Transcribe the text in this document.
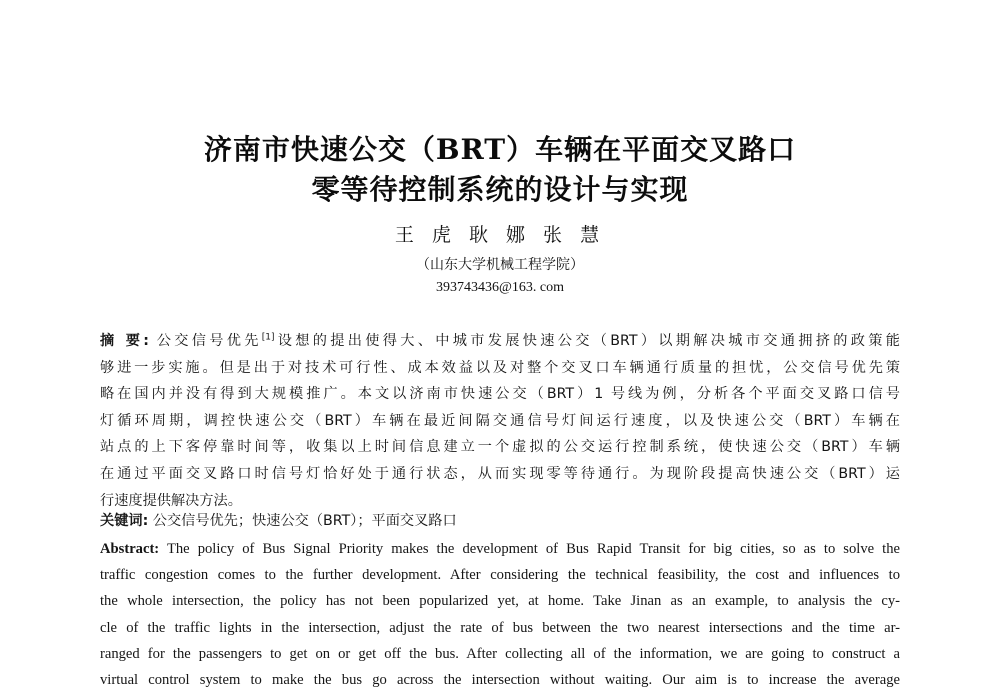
济南市快速公交（BRT）车辆在平面交叉路口
零等待控制系统的设计与实现
王 虎 耿 娜 张 慧
（山东大学机械工程学院）
393743436@163. com
摘 要: 公交信号优先[1]设想的提出使得大、中城市发展快速公交（BRT）以期解决城市交通拥挤的政策能
够进一步实施。但是出于对技术可行性、成本效益以及对整个交叉口车辆通行质量的担忧，公交信号优先策
略在国内并没有得到大规模推广。本文以济南市快速公交（BRT）1 号线为例，分析各个平面交叉路口信号
灯循环周期，调控快速公交（BRT）车辆在最近间隔交通信号灯间运行速度，以及快速公交（BRT）车辆在
站点的上下客停靠时间等，收集以上时间信息建立一个虚拟的公交运行控制系统，使快速公交（BRT）车辆
在通过平面交叉路口时信号灯恰好处于通行状态，从而实现零等待通行。为现阶段提高快速公交（BRT）运
行速度提供解决方法。
关键词: 公交信号优先；快速公交（BRT）；平面交叉路口
Abstract: The policy of Bus Signal Priority makes the development of Bus Rapid Transit for big cities, so as to solve the
traffic congestion comes to the further development. After considering the technical feasibility, the cost and influences to
the whole intersection, the policy has not been popularized yet, at home. Take Jinan as an example, to analysis the cy-
cle of the traffic lights in the intersection, adjust the rate of bus between the two nearest intersections and the time ar-
ranged for the passengers to get on or get off the bus. After collecting all of the information, we are going to construct a
virtual control system to make the bus go across the intersection without waiting. Our aim is to increase the average
